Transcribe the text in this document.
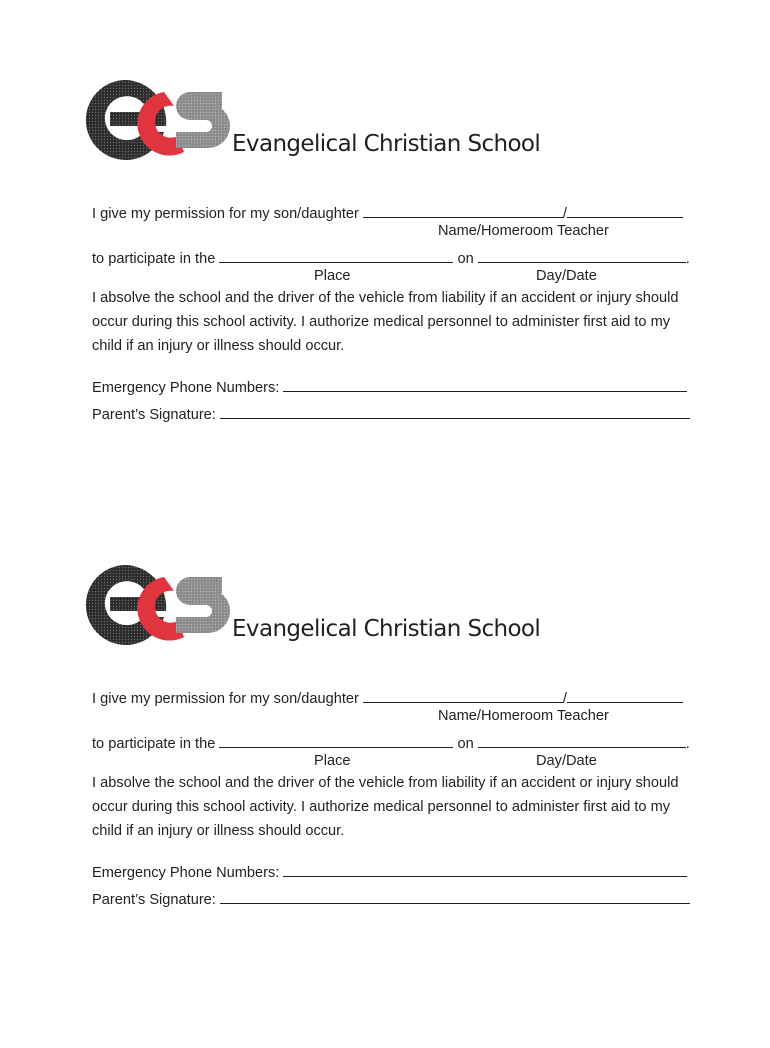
Evangelical Christian School
I give my permission for my son/daughter	/
Name/Homeroom Teacher
to participate in the	on	.
Place	Day/Date
I absolve the school and the driver of the vehicle from liability if an accident or injury should
occur during this school activity. I authorize medical personnel to administer first aid to my
child if an injury or illness should occur.
Emergency Phone Numbers:
Parent’s Signature:
Evangelical Christian School
I give my permission for my son/daughter	/
Name/Homeroom Teacher
to participate in the	on	.
Place	Day/Date
I absolve the school and the driver of the vehicle from liability if an accident or injury should
occur during this school activity. I authorize medical personnel to administer first aid to my
child if an injury or illness should occur.
Emergency Phone Numbers:
Parent’s Signature:
